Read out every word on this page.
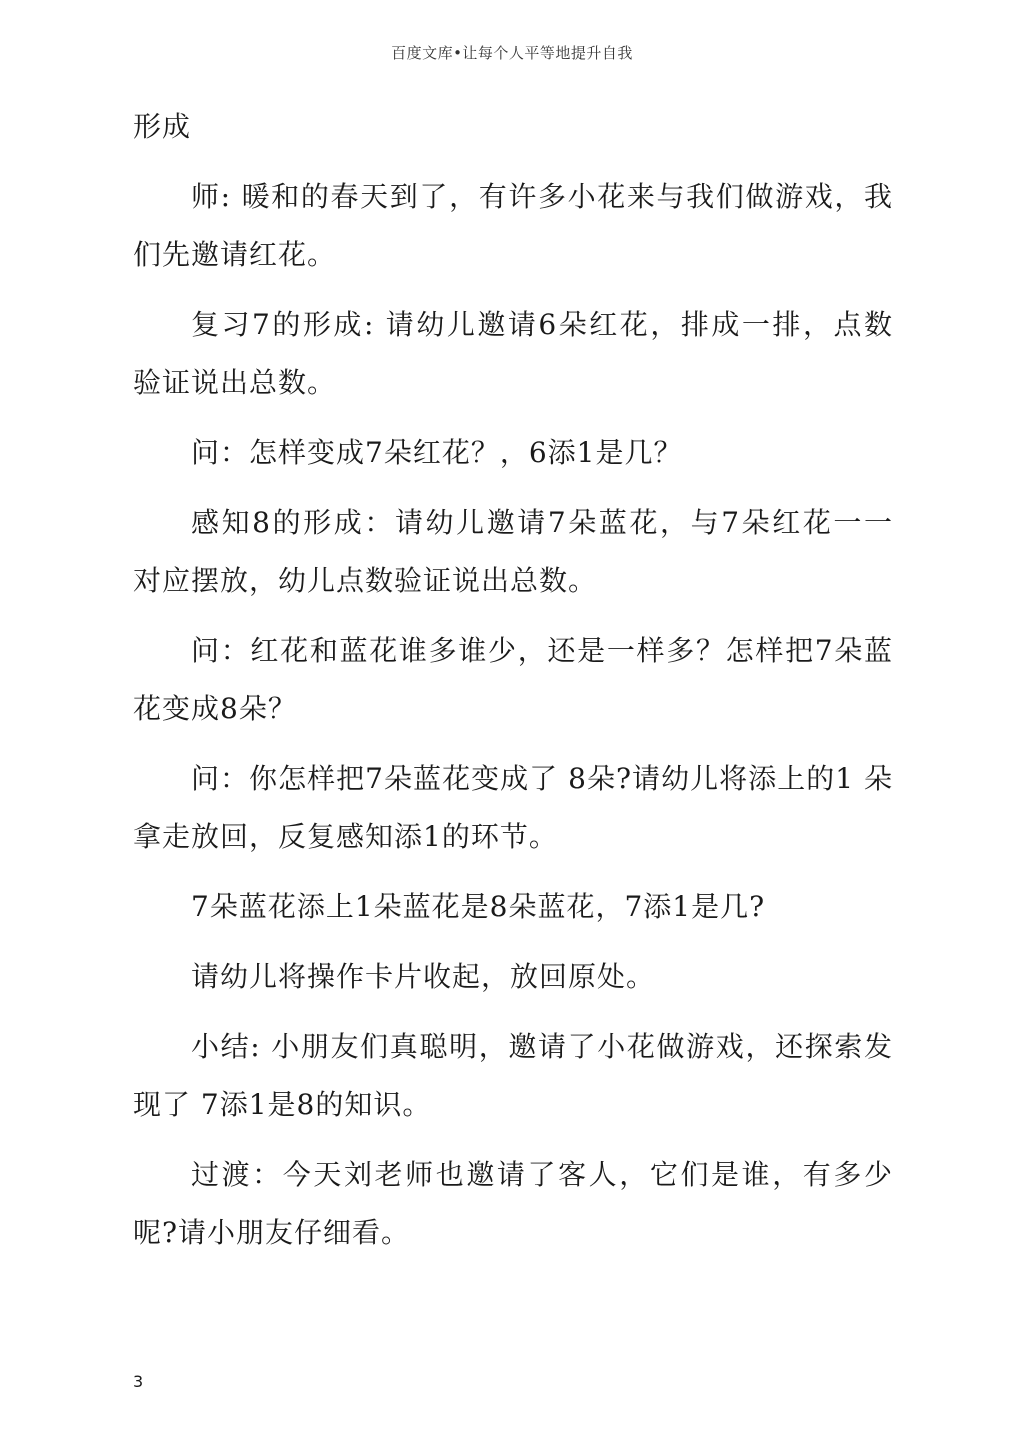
百度文库•让每个人平等地提升自我

形成

师: 暖和的春天到了，有许多小花来与我们做游戏，我 们先邀请红花。

复习7的形成: 请幼儿邀请6朵红花，排成一排，点数 验证说出总数。

问：怎样变成7朵红花？，6添1是几？

感知8的形成：请幼儿邀请7朵蓝花，与7朵红花一一 对应摆放，幼儿点数验证说出总数。

问：红花和蓝花谁多谁少，还是一样多？怎样把7朵蓝 花变成8朵？

问：你怎样把7朵蓝花变成了 8朵?请幼儿将添上的1 朵拿走放回，反复感知添1的环节。

7朵蓝花添上1朵蓝花是8朵蓝花，7添1是几?

请幼儿将操作卡片收起，放回原处。

小结: 小朋友们真聪明，邀请了小花做游戏，还探索发 现了 7添1是8的知识。

过渡：今天刘老师也邀请了客人，它们是谁，有多少呢?请小朋友仔细看。

3
